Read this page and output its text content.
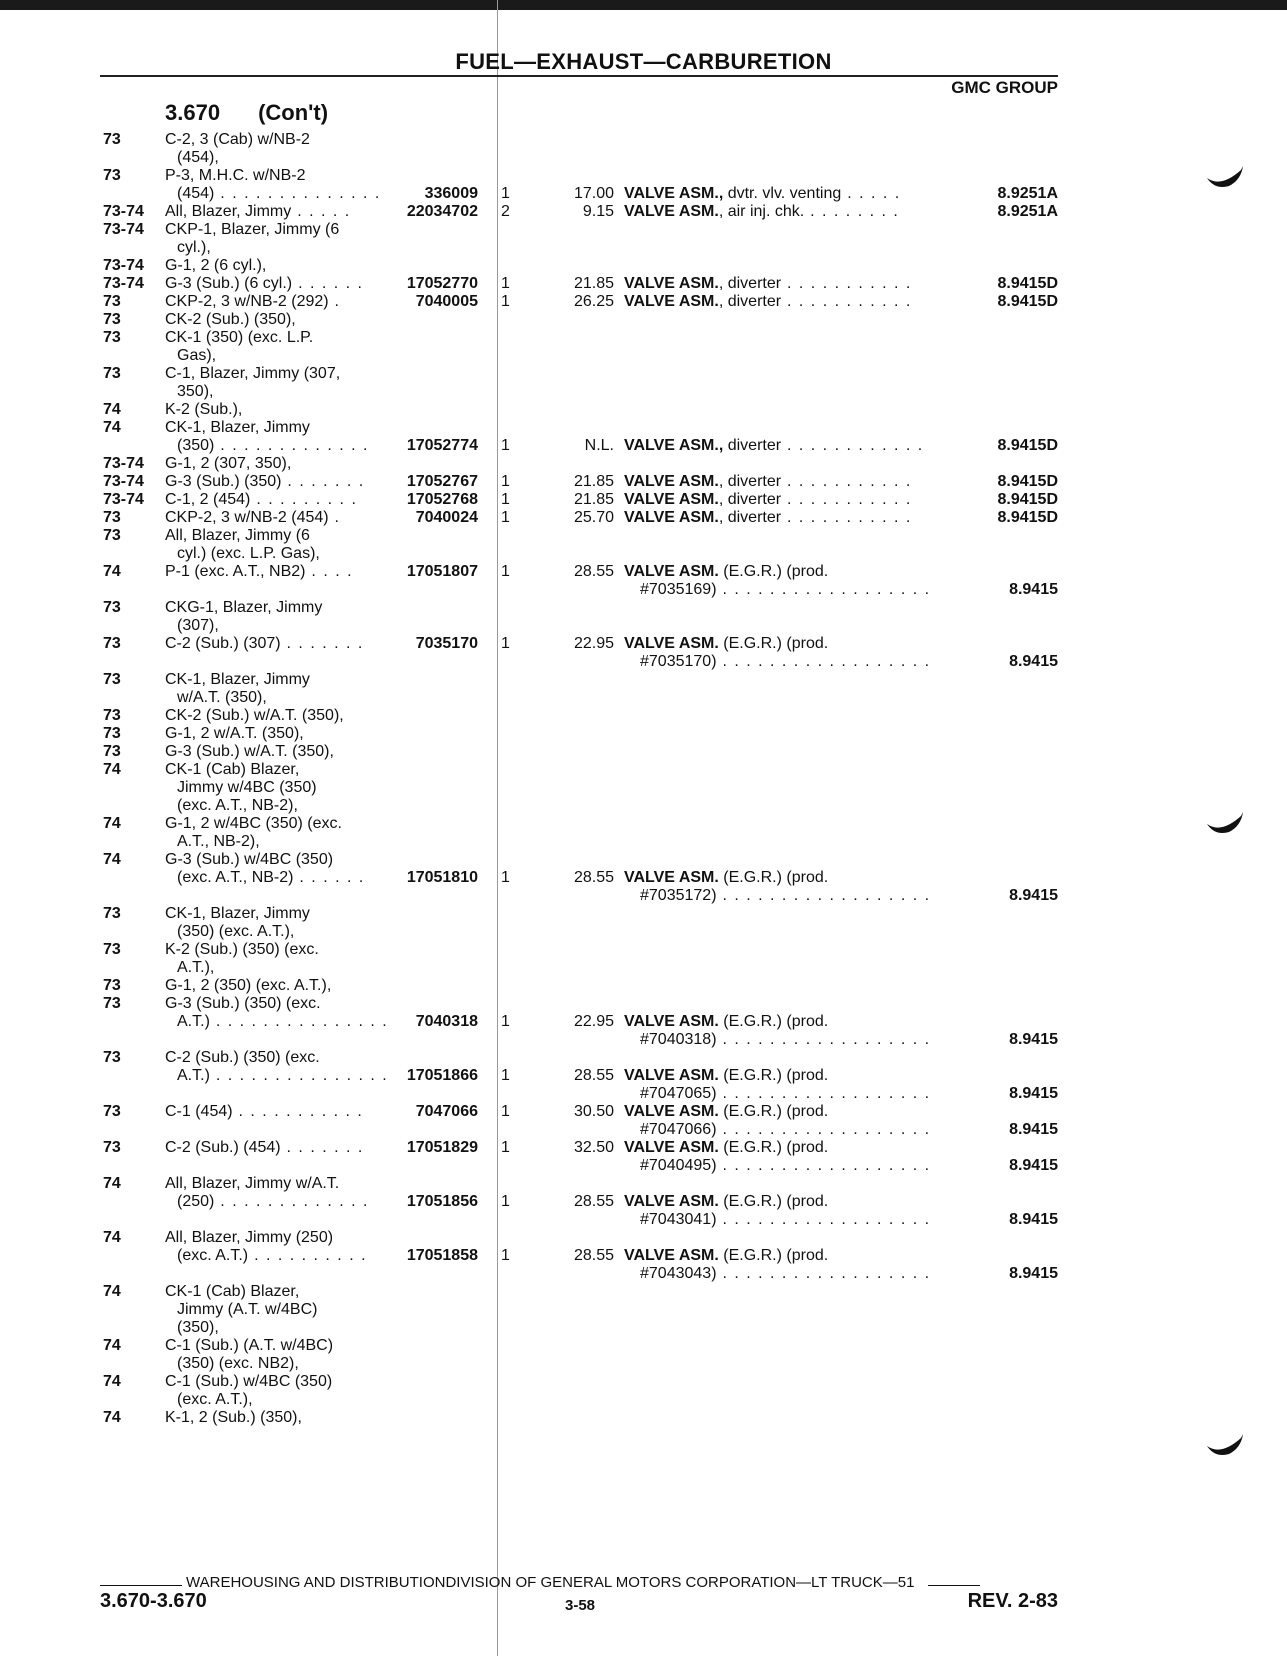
FUEL—EXHAUST—CARBURETION
GMC GROUP
3.670 (Con't)
73	C-2, 3 (Cab) w/NB-2
(454),
73	P-3, M.H.C. w/NB-2
(454) . . . . . . . . . . . . . .	336009 1	17.00 VALVE ASM., dvtr. vlv. venting . . . . .	8.9251A
73-74 All, Blazer, Jimmy . . . . .	22034702 2	9.15 VALVE ASM., air inj. chk. . . . . . . . .	8.9251A
73-74 CKP-1, Blazer, Jimmy (6
cyl.),
73-74 G-1, 2 (6 cyl.),
73-74 G-3 (Sub.) (6 cyl.) . . . . . .	17052770 1	21.85 VALVE ASM., diverter . . . . . . . . . . .	8.9415D
73	CKP-2, 3 w/NB-2 (292) .	7040005 1	26.25 VALVE ASM., diverter . . . . . . . . . . .	8.9415D
73	CK-2 (Sub.) (350),
73	CK-1 (350) (exc. L.P.
Gas),
73	C-1, Blazer, Jimmy (307,
350),
74	K-2 (Sub.),
74	CK-1, Blazer, Jimmy
(350) . . . . . . . . . . . . . 17052774 1	N.L. VALVE ASM., diverter . . . . . . . . . . . .	8.9415D
73-74 G-1, 2 (307, 350),
73-74 G-3 (Sub.) (350) . . . . . . .	17052767 1	21.85 VALVE ASM., diverter . . . . . . . . . . .	8.9415D
73-74 C-1, 2 (454) . . . . . . . . .	17052768 1	21.85 VALVE ASM., diverter . . . . . . . . . . .	8.9415D
73	CKP-2, 3 w/NB-2 (454) .	7040024 1	25.70 VALVE ASM., diverter . . . . . . . . . . .	8.9415D
73	All, Blazer, Jimmy (6
cyl.) (exc. L.P. Gas),
74	P-1 (exc. A.T., NB2) . . . .	17051807 1	28.55 VALVE ASM. (E.G.R.) (prod.
#7035169) . . . . . . . . . . . . . . . . . .	8.9415
73	CKG-1, Blazer, Jimmy
(307),
73	C-2 (Sub.) (307) . . . . . . .	7035170 1	22.95 VALVE ASM. (E.G.R.) (prod.
#7035170) . . . . . . . . . . . . . . . . . .	8.9415
73	CK-1, Blazer, Jimmy
w/A.T. (350),
73	CK-2 (Sub.) w/A.T. (350),
73	G-1, 2 w/A.T. (350),
73	G-3 (Sub.) w/A.T. (350),
74	CK-1 (Cab) Blazer,
Jimmy w/4BC (350)
(exc. A.T., NB-2),
74	G-1, 2 w/4BC (350) (exc.
A.T., NB-2),
74	G-3 (Sub.) w/4BC (350)
(exc. A.T., NB-2) . . . . . .	17051810 1	28.55 VALVE ASM. (E.G.R.) (prod.
#7035172) . . . . . . . . . . . . . . . . . .	8.9415
73	CK-1, Blazer, Jimmy
(350) (exc. A.T.),
73	K-2 (Sub.) (350) (exc.
A.T.),
73	G-1, 2 (350) (exc. A.T.),
73	G-3 (Sub.) (350) (exc.
A.T.) . . . . . . . . . . . . . . . 7040318 1	22.95 VALVE ASM. (E.G.R.) (prod.
#7040318) . . . . . . . . . . . . . . . . . .	8.9415
73	C-2 (Sub.) (350) (exc.
A.T.) . . . . . . . . . . . . . . . 17051866 1	28.55 VALVE ASM. (E.G.R.) (prod.
#7047065) . . . . . . . . . . . . . . . . . .	8.9415
73	C-1 (454) . . . . . . . . . . .	7047066 1	30.50 VALVE ASM. (E.G.R.) (prod.
#7047066) . . . . . . . . . . . . . . . . . .	8.9415
73	C-2 (Sub.) (454) . . . . . . .	17051829 1	32.50 VALVE ASM. (E.G.R.) (prod.
#7040495) . . . . . . . . . . . . . . . . . .	8.9415
74	All, Blazer, Jimmy w/A.T.
(250) . . . . . . . . . . . . . 17051856 1	28.55 VALVE ASM. (E.G.R.) (prod.
#7043041) . . . . . . . . . . . . . . . . . .	8.9415
74	All, Blazer, Jimmy (250)
(exc. A.T.) . . . . . . . . . . 17051858 1	28.55 VALVE ASM. (E.G.R.) (prod.
#7043043) . . . . . . . . . . . . . . . . . .	8.9415
74	CK-1 (Cab) Blazer,
Jimmy (A.T. w/4BC)
(350),
74	C-1 (Sub.) (A.T. w/4BC)
(350) (exc. NB2),
74	C-1 (Sub.) w/4BC (350)
(exc. A.T.),
74	K-1, 2 (Sub.) (350),
WAREHOUSING AND DISTRIBUTIONDIVISION OF GENERAL MOTORS CORPORATION—LT TRUCK—51
3.670-3.670	3-58	REV. 2-83
